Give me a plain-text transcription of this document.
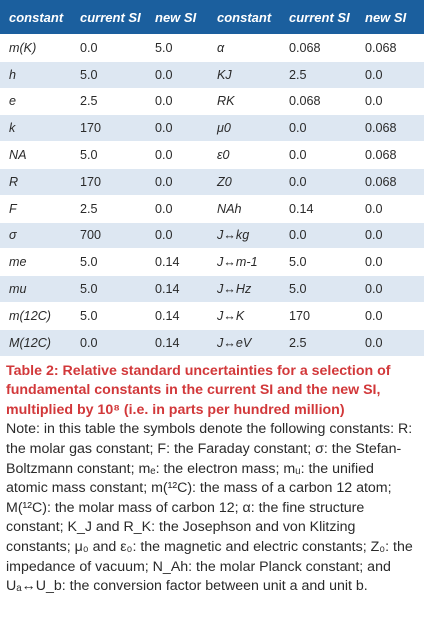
constant	current SI	new SI	constant	current SI	new SI
m(K)	0.0	5.0	α	0.068	0.068
h	5.0	0.0	KJ	2.5	0.0
e	2.5	0.0	RK	0.068	0.0
k	170	0.0	μ0	0.0	0.068
NA	5.0	0.0	ε0	0.0	0.068
R	170	0.0	Z0	0.0	0.068
F	2.5	0.0	NAh	0.14	0.0
σ	700	0.0	J↔kg	0.0	0.0
me	5.0	0.14	J↔m-1	5.0	0.0
mu	5.0	0.14	J↔Hz	5.0	0.0
m(12C)	5.0	0.14	J↔K	170	0.0
M(12C)	0.0	0.14	J↔eV	2.5	0.0
Table 2: Relative standard uncertainties for a selection of fundamental constants in the current SI and the new SI, multiplied by 10⁸ (i.e. in parts per hundred million)
Note: in this table the symbols denote the following constants: R: the molar gas constant; F: the Faraday constant; σ: the Stefan-Boltzmann constant; mₑ: the electron mass; mᵤ: the unified atomic mass constant; m(¹²C): the mass of a carbon 12 atom; M(¹²C): the molar mass of carbon 12; α: the fine structure constant; K_J and R_K: the Josephson and von Klitzing constants; μ₀ and ε₀: the magnetic and electric constants; Z₀: the impedance of vacuum; N_Ah: the molar Planck constant; and Uₐ↔U_b: the conversion factor between unit a and unit b.
